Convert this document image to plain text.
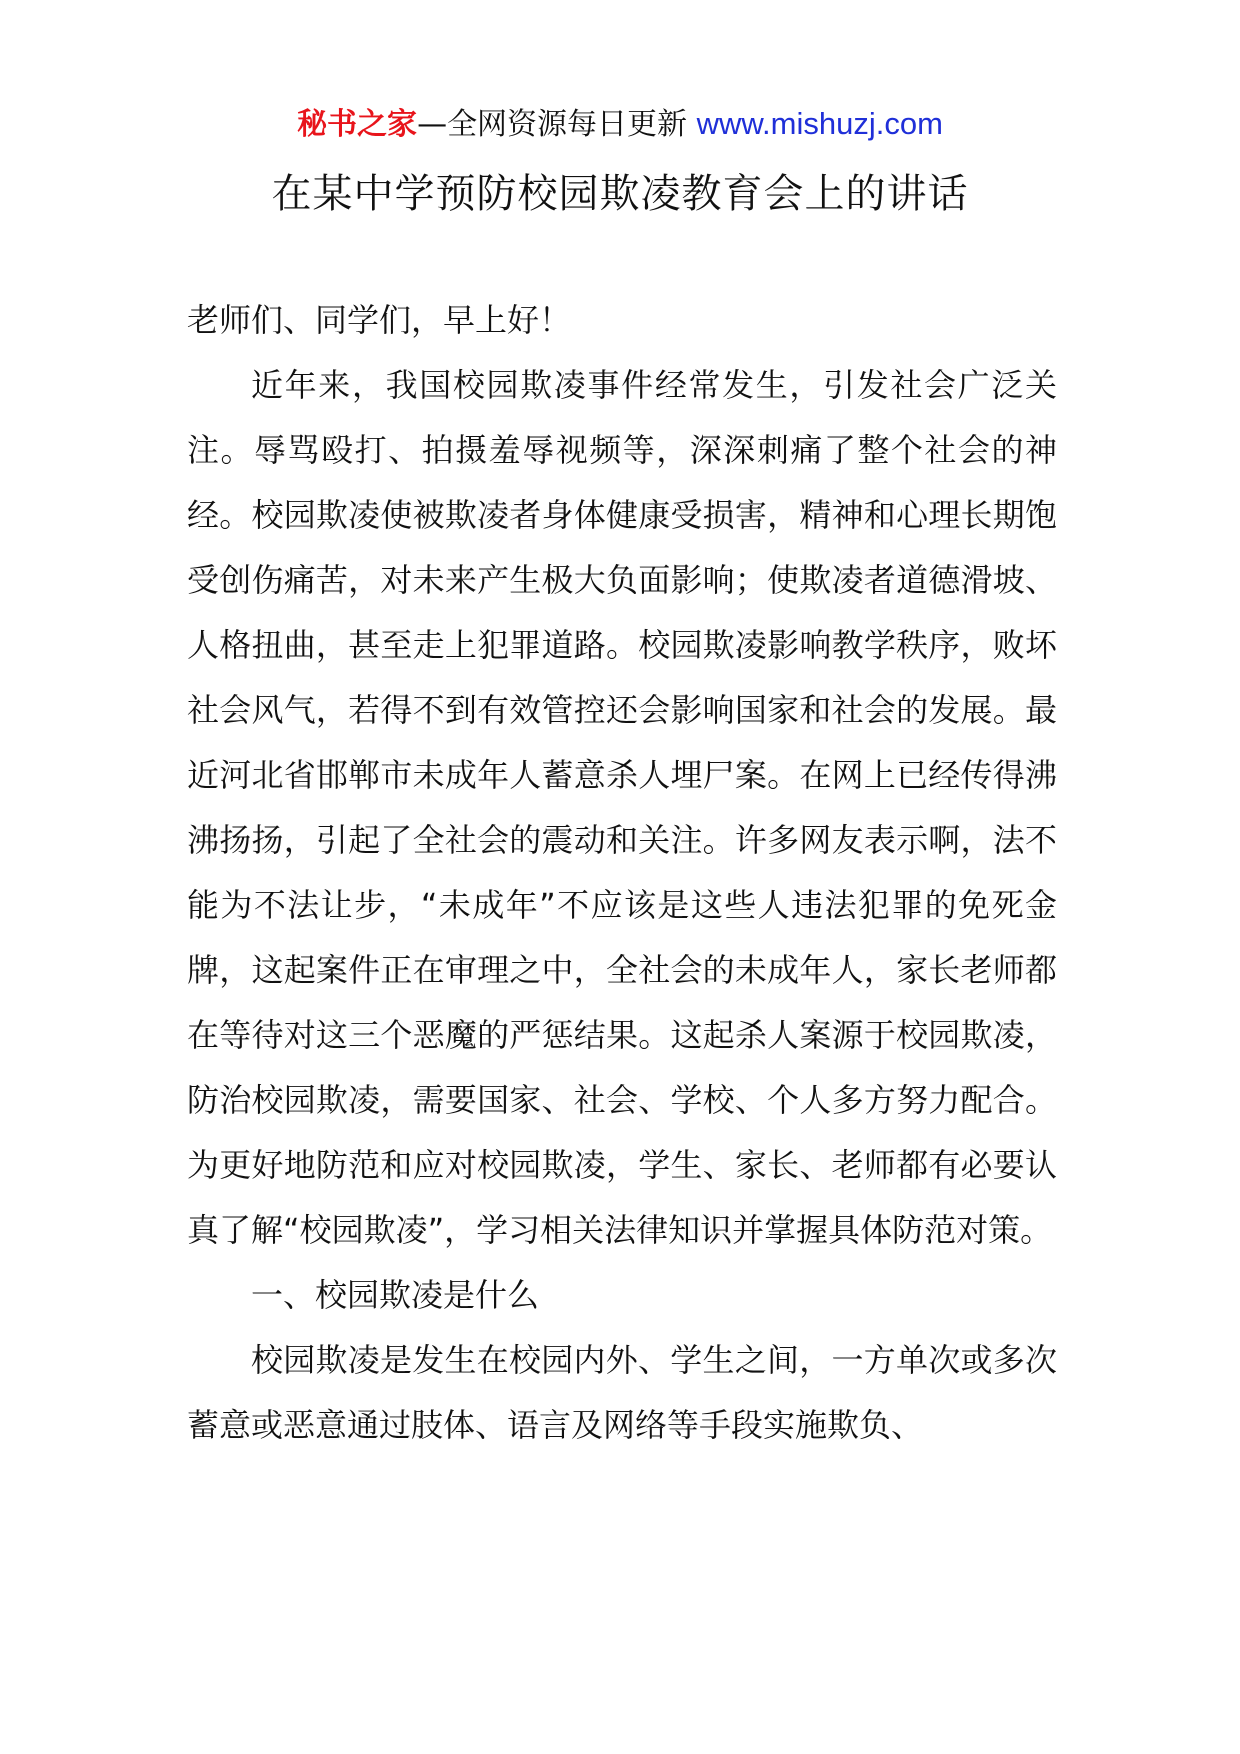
秘书之家—全网资源每日更新 www.mishuzj.com
在某中学预防校园欺凌教育会上的讲话

老师们、同学们，早上好！

近年来，我国校园欺凌事件经常发生，引发社会广泛关注。辱骂殴打、拍摄羞辱视频等，深深刺痛了整个社会的神经。校园欺凌使被欺凌者身体健康受损害，精神和心理长期饱受创伤痛苦，对未来产生极大负面影响；使欺凌者道德滑坡、人格扭曲，甚至走上犯罪道路。校园欺凌影响教学秩序，败坏社会风气，若得不到有效管控还会影响国家和社会的发展。最近河北省邯郸市未成年人蓄意杀人埋尸案。在网上已经传得沸沸扬扬，引起了全社会的震动和关注。许多网友表示啊，法不能为不法让步，“未成年”不应该是这些人违法犯罪的免死金牌，这起案件正在审理之中，全社会的未成年人，家长老师都在等待对这三个恶魔的严惩结果。这起杀人案源于校园欺凌，防治校园欺凌，需要国家、社会、学校、个人多方努力配合。为更好地防范和应对校园欺凌，学生、家长、老师都有必要认真了解“校园欺凌”，学习相关法律知识并掌握具体防范对策。

一、校园欺凌是什么

校园欺凌是发生在校园内外、学生之间，一方单次或多次蓄意或恶意通过肢体、语言及网络等手段实施欺负、
